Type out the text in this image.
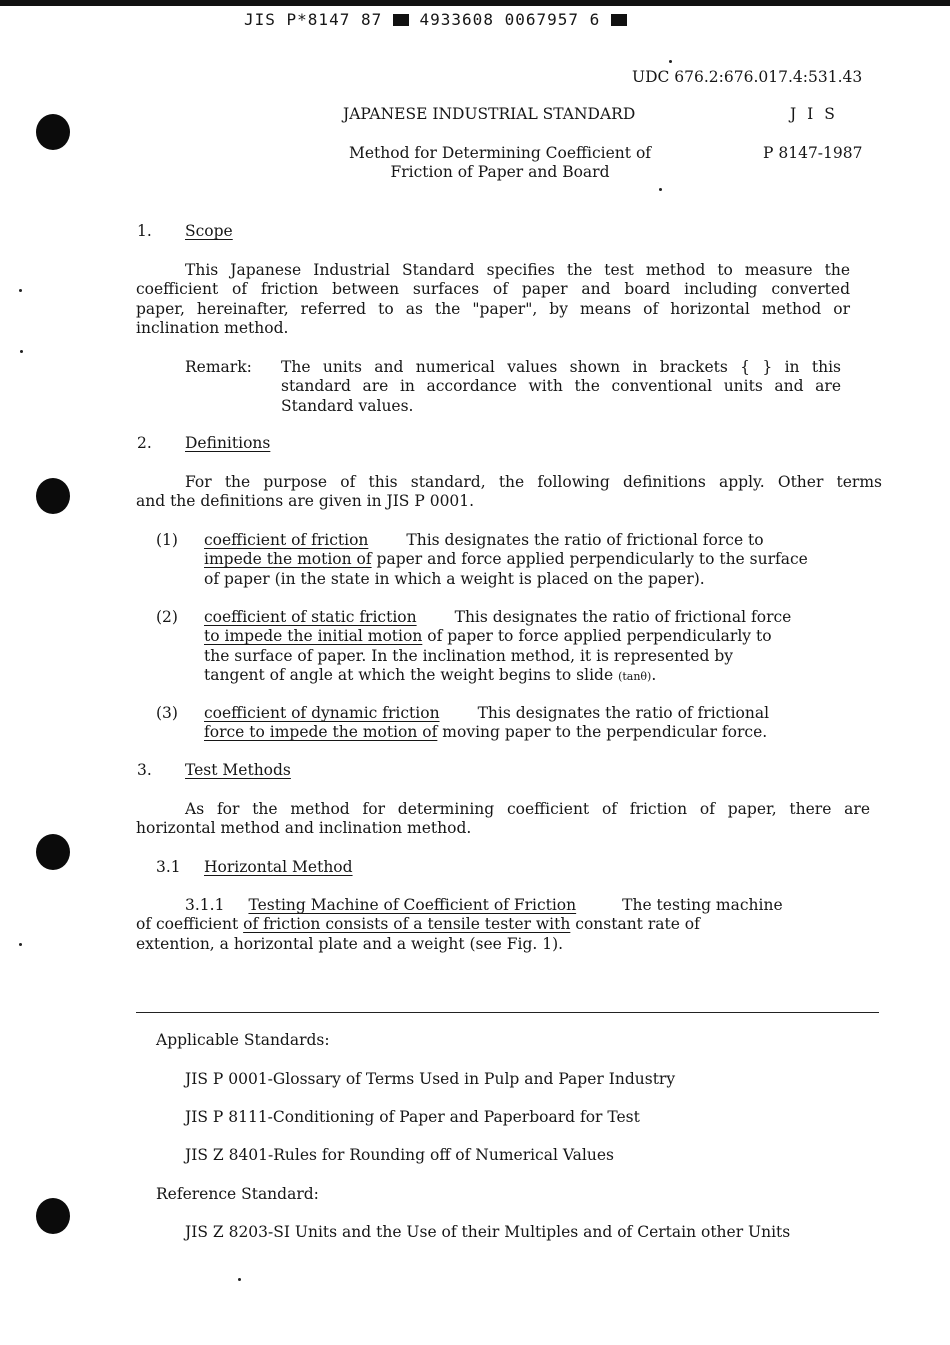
JIS P*8147 87 4933608 0067957 6
UDC 676.2:676.017.4:531.43
JAPANESE INDUSTRIAL STANDARD	J I S
Method for Determining Coefficient of
Friction of Paper and Board
P 8147-1987
1. Scope
This Japanese Industrial Standard specifies the test method to measure the
coefficient of friction between surfaces of paper and board including converted
paper, hereinafter, referred to as the "paper", by means of horizontal method or
inclination method.
Remark: The units and numerical values shown in brackets { } in this
standard are in accordance with the conventional units and are
Standard values.
2. Definitions
For the purpose of this standard, the following definitions apply. Other terms
and the definitions are given in JIS P 0001.
(1) coefficient of friction This designates the ratio of frictional force to
impede the motion of paper and force applied perpendicularly to the surface
of paper (in the state in which a weight is placed on the paper).
(2) coefficient of static friction This designates the ratio of frictional force
to impede the initial motion of paper to force applied perpendicularly to
the surface of paper. In the inclination method, it is represented by
tangent of angle at which the weight begins to slide (tanθ).
(3) coefficient of dynamic friction This designates the ratio of frictional
force to impede the motion of moving paper to the perpendicular force.
3. Test Methods
As for the method for determining coefficient of friction of paper, there are
horizontal method and inclination method.
3.1 Horizontal Method
3.1.1 Testing Machine of Coefficient of Friction	The testing machine
of coefficient of friction consists of a tensile tester with constant rate of
extention, a horizontal plate and a weight (see Fig. 1).
Applicable Standards:
JIS P 0001-Glossary of Terms Used in Pulp and Paper Industry
JIS P 8111-Conditioning of Paper and Paperboard for Test
JIS Z 8401-Rules for Rounding off of Numerical Values
Reference Standard:
JIS Z 8203-SI Units and the Use of their Multiples and of Certain other Units
